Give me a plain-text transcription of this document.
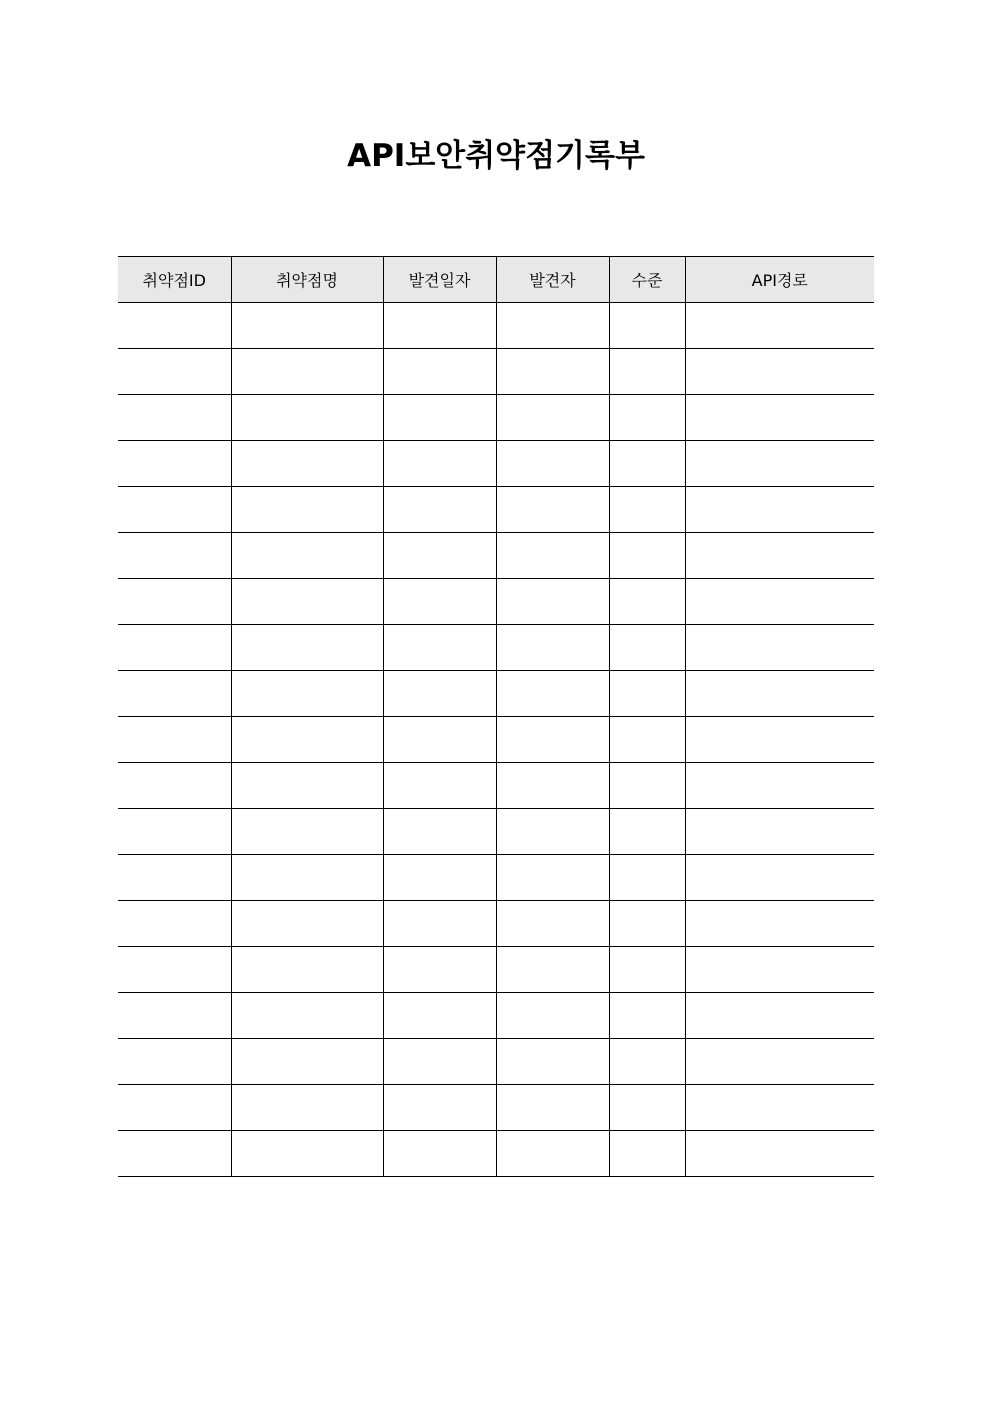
API보안취약점기록부
취약점ID	취약점명	발견일자	발견자	수준	API경로
